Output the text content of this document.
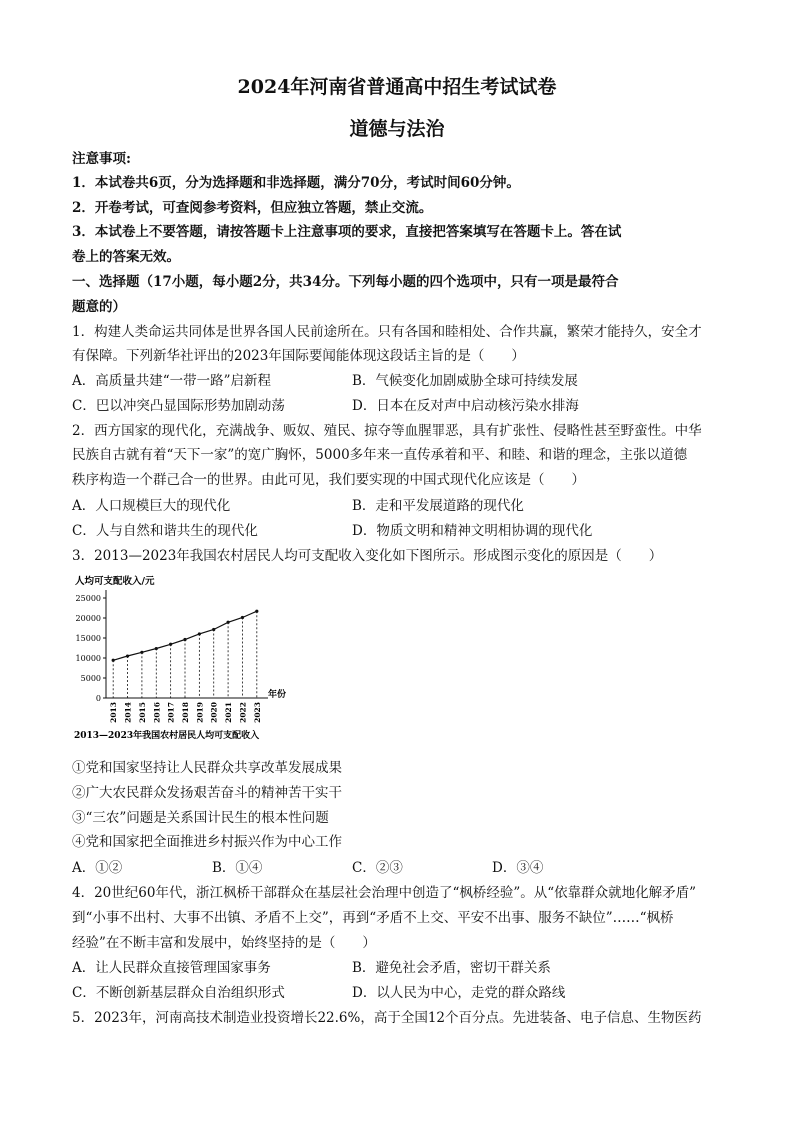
2024年河南省普通高中招生考试试卷
道德与法治
注意事项:
1．本试卷共6页，分为选择题和非选择题，满分70分，考试时间60分钟。
2．开卷考试，可查阅参考资料，但应独立答题，禁止交流。
3．本试卷上不要答题，请按答题卡上注意事项的要求，直接把答案填写在答题卡上。答在试
卷上的答案无效。
一、选择题（17小题，每小题2分，共34分。下列每小题的四个选项中，只有一项是最符合
题意的）
1．构建人类命运共同体是世界各国人民前途所在。只有各国和睦相处、合作共赢，繁荣才能持久，安全才
有保障。下列新华社评出的2023年国际要闻能体现这段话主旨的是（　　）
A．高质量共建“一带一路”启新程	B．气候变化加剧威胁全球可持续发展
C．巴以冲突凸显国际形势加剧动荡	D．日本在反对声中启动核污染水排海
2．西方国家的现代化，充满战争、贩奴、殖民、掠夺等血腥罪恶，具有扩张性、侵略性甚至野蛮性。中华
民族自古就有着“天下一家”的宽广胸怀，5000多年来一直传承着和平、和睦、和谐的理念，主张以道德
秩序构造一个群己合一的世界。由此可见，我们要实现的中国式现代化应该是（　　）
A．人口规模巨大的现代化	B．走和平发展道路的现代化
C．人与自然和谐共生的现代化	D．物质文明和精神文明相协调的现代化
3．2013—2023年我国农村居民人均可支配收入变化如下图所示。形成图示变化的原因是（　　）
人均可支配收入/元
0
5000
10000
15000
20000
25000
2013 2014 2015 2016 2017 2018 2019 2020 2021 2022 2023
年份
2013—2023年我国农村居民人均可支配收入
①党和国家坚持让人民群众共享改革发展成果
②广大农民群众发扬艰苦奋斗的精神苦干实干
③“三农”问题是关系国计民生的根本性问题
④党和国家把全面推进乡村振兴作为中心工作
A．①②	B．①④	C．②③	D．③④
4．20世纪60年代，浙江枫桥干部群众在基层社会治理中创造了“枫桥经验”。从“依靠群众就地化解矛盾”
到“小事不出村、大事不出镇、矛盾不上交”，再到“矛盾不上交、平安不出事、服务不缺位”……“枫桥
经验”在不断丰富和发展中，始终坚持的是（　　）
A．让人民群众直接管理国家事务	B．避免社会矛盾，密切干群关系
C．不断创新基层群众自治组织形式	D．以人民为中心，走党的群众路线
5．2023年，河南高技术制造业投资增长22.6%，高于全国12个百分点。先进装备、电子信息、生物医药
